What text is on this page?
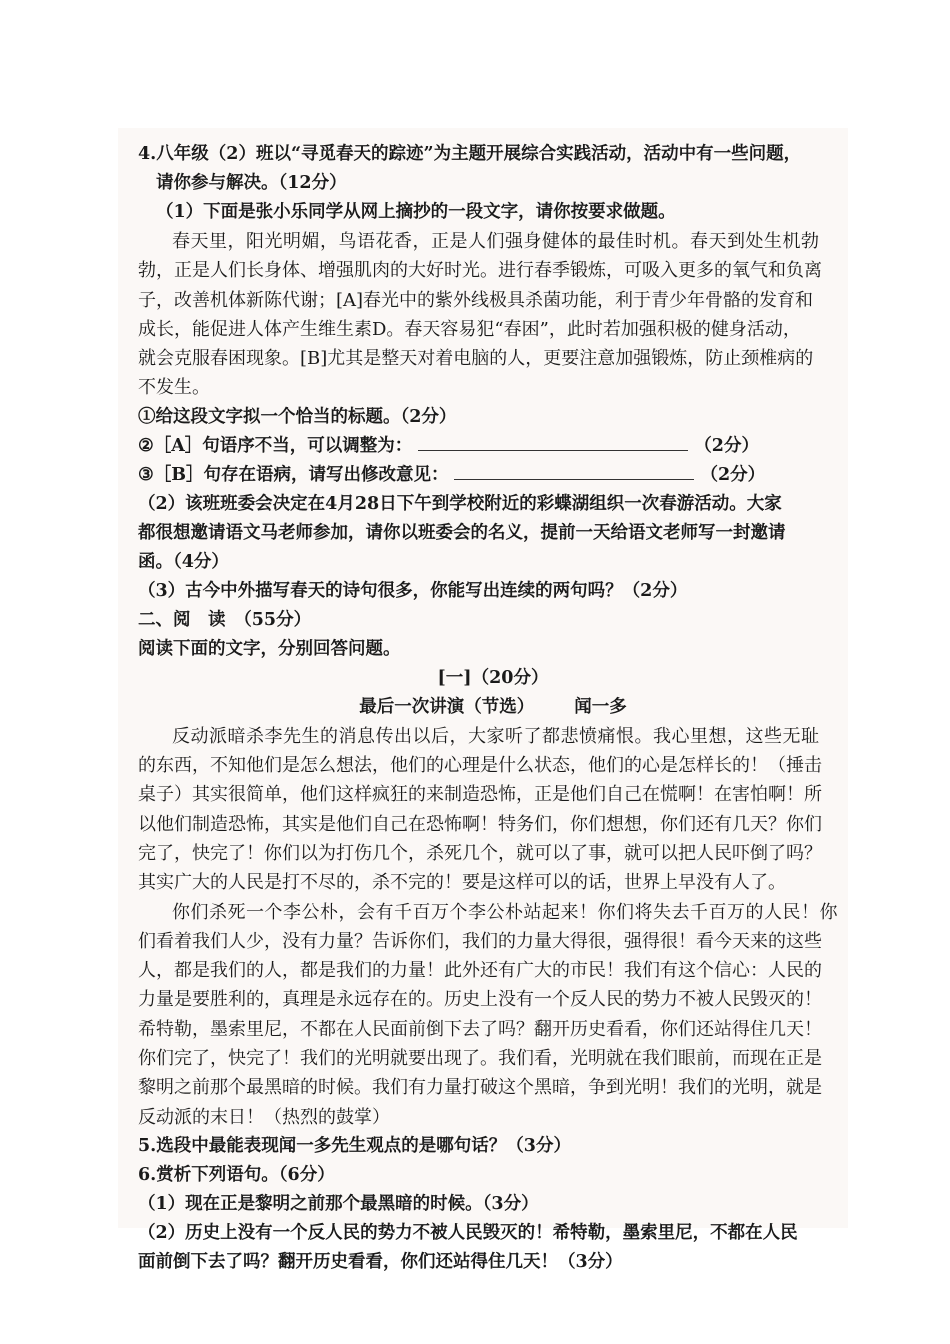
4.八年级（2）班以“寻觅春天的踪迹”为主题开展综合实践活动，活动中有一些问题，
请你参与解决。（12分）
（1）下面是张小乐同学从网上摘抄的一段文字，请你按要求做题。
春天里，阳光明媚，鸟语花香，正是人们强身健体的最佳时机。春天到处生机勃
勃，正是人们长身体、增强肌肉的大好时光。进行春季锻炼，可吸入更多的氧气和负离
子，改善机体新陈代谢；[A]春光中的紫外线极具杀菌功能，利于青少年骨骼的发育和
成长，能促进人体产生维生素D。春天容易犯“春困”，此时若加强积极的健身活动，
就会克服春困现象。[B]尤其是整天对着电脑的人，更要注意加强锻炼，防止颈椎病的
不发生。
①给这段文字拟一个恰当的标题。（2分）
②［A］句语序不当，可以调整为：	（2分）
③［B］句存在语病，请写出修改意见：	（2分）
（2）该班班委会决定在4月28日下午到学校附近的彩蝶湖组织一次春游活动。大家
都很想邀请语文马老师参加，请你以班委会的名义，提前一天给语文老师写一封邀请
函。（4分）
（3）古今中外描写春天的诗句很多，你能写出连续的两句吗？（2分）
二、阅　读　（55分）
阅读下面的文字，分别回答问题。
[一]（20分）
最后一次讲演（节选） 闻一多
反动派暗杀李先生的消息传出以后，大家听了都悲愤痛恨。我心里想，这些无耻
的东西，不知他们是怎么想法，他们的心理是什么状态，他们的心是怎样长的！（捶击
桌子）其实很简单，他们这样疯狂的来制造恐怖，正是他们自己在慌啊！在害怕啊！所
以他们制造恐怖，其实是他们自己在恐怖啊！特务们，你们想想，你们还有几天？你们
完了，快完了！你们以为打伤几个，杀死几个，就可以了事，就可以把人民吓倒了吗？
其实广大的人民是打不尽的，杀不完的！要是这样可以的话，世界上早没有人了。
你们杀死一个李公朴，会有千百万个李公朴站起来！你们将失去千百万的人民！你
们看着我们人少，没有力量？告诉你们，我们的力量大得很，强得很！看今天来的这些
人，都是我们的人，都是我们的力量！此外还有广大的市民！我们有这个信心：人民的
力量是要胜利的，真理是永远存在的。历史上没有一个反人民的势力不被人民毁灭的！
希特勒，墨索里尼，不都在人民面前倒下去了吗？翻开历史看看，你们还站得住几天！
你们完了，快完了！我们的光明就要出现了。我们看，光明就在我们眼前，而现在正是
黎明之前那个最黑暗的时候。我们有力量打破这个黑暗，争到光明！我们的光明，就是
反动派的末日！（热烈的鼓掌）
5.选段中最能表现闻一多先生观点的是哪句话？（3分）
6.赏析下列语句。（6分）
（1）现在正是黎明之前那个最黑暗的时候。（3分）
（2）历史上没有一个反人民的势力不被人民毁灭的！希特勒，墨索里尼，不都在人民
面前倒下去了吗？翻开历史看看，你们还站得住几天！（3分）
